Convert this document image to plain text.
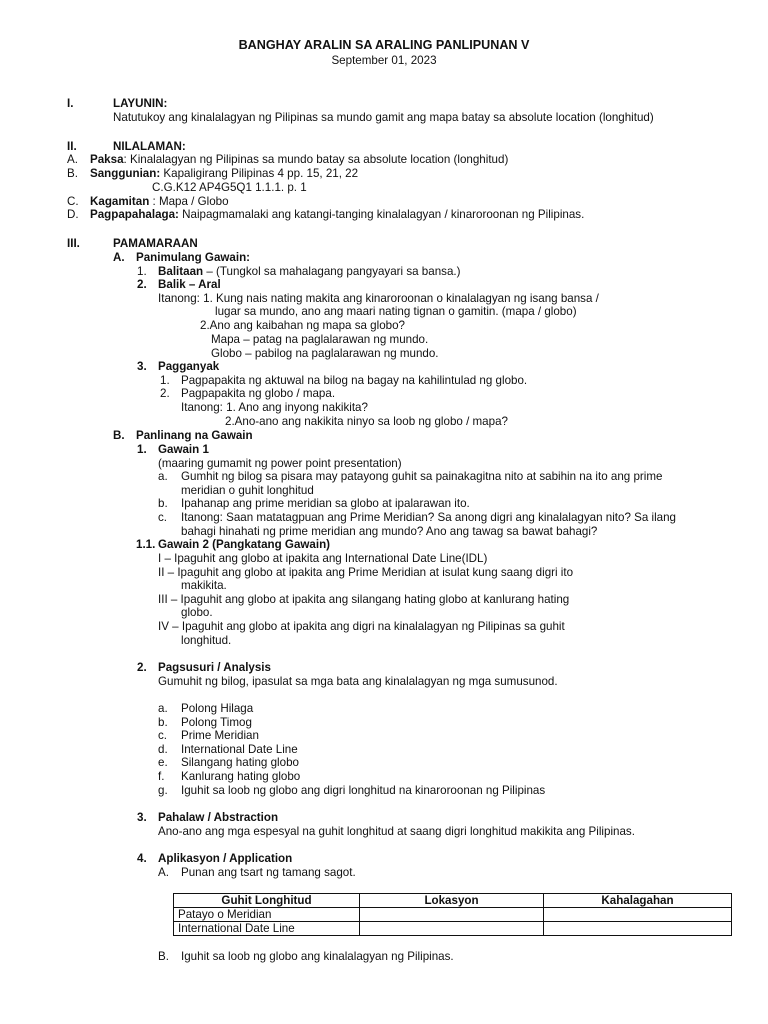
BANGHAY ARALIN SA ARALING PANLIPUNAN V
September 01, 2023
I.	LAYUNIN:
Natutukoy ang kinalalagyan ng Pilipinas sa mundo gamit ang mapa batay sa absolute location (longhitud)
II.	NILALAMAN:
A. Paksa: Kinalalagyan ng Pilipinas sa mundo batay sa absolute location (longhitud)
B. Sanggunian: Kapaligirang Pilipinas 4 pp. 15, 21, 22
C.G.K12 AP4G5Q1 1.1.1. p. 1
C. Kagamitan : Mapa / Globo
D. Pagpapahalaga: Naipagmamalaki ang katangi-tanging kinalalagyan / kinaroroonan ng Pilipinas.
III.	PAMAMARAAN
A. Panimulang Gawain:
1. Balitaan – (Tungkol sa mahalagang pangyayari sa bansa.)
2. Balik – Aral
Itanong: 1. Kung nais nating makita ang kinaroroonan o kinalalagyan ng isang bansa /
lugar sa mundo, ano ang maari nating tignan o gamitin. (mapa / globo)
2.Ano ang kaibahan ng mapa sa globo?
Mapa – patag na paglalarawan ng mundo.
Globo – pabilog na paglalarawan ng mundo.
3. Pagganyak
1. Pagpapakita ng aktuwal na bilog na bagay na kahilintulad ng globo.
2. Pagpapakita ng globo / mapa.
Itanong: 1. Ano ang inyong nakikita?
2.Ano-ano ang nakikita ninyo sa loob ng globo / mapa?
B. Panlinang na Gawain
1. Gawain 1
(maaring gumamit ng power point presentation)
a. Gumhit ng bilog sa pisara may patayong guhit sa painakagitna nito at sabihin na ito ang prime
meridian o guhit longhitud
b. Ipahanap ang prime meridian sa globo at ipalarawan ito.
c. Itanong: Saan matatagpuan ang Prime Meridian? Sa anong digri ang kinalalagyan nito? Sa ilang
bahagi hinahati ng prime meridian ang mundo? Ano ang tawag sa bawat bahagi?
1.1. Gawain 2 (Pangkatang Gawain)
I – Ipaguhit ang globo at ipakita ang International Date Line(IDL)
II – Ipaguhit ang globo at ipakita ang Prime Meridian at isulat kung saang digri ito
makikita.
III – Ipaguhit ang globo at ipakita ang silangang hating globo at kanlurang hating
globo.
IV – Ipaguhit ang globo at ipakita ang digri na kinalalagyan ng Pilipinas sa guhit
longhitud.
2. Pagsusuri / Analysis
Gumuhit ng bilog, ipasulat sa mga bata ang kinalalagyan ng mga sumusunod.
a. Polong Hilaga
b. Polong Timog
c. Prime Meridian
d. International Date Line
e. Silangang hating globo
f. Kanlurang hating globo
g. Iguhit sa loob ng globo ang digri longhitud na kinaroroonan ng Pilipinas
3. Pahalaw / Abstraction
Ano-ano ang mga espesyal na guhit longhitud at saang digri longhitud makikita ang Pilipinas.
4. Aplikasyon / Application
A. Punan ang tsart ng tamang sagot.
Guhit Longhitud	Lokasyon	Kahalagahan
Patayo o Meridian		
International Date Line		
B. Iguhit sa loob ng globo ang kinalalagyan ng Pilipinas.
